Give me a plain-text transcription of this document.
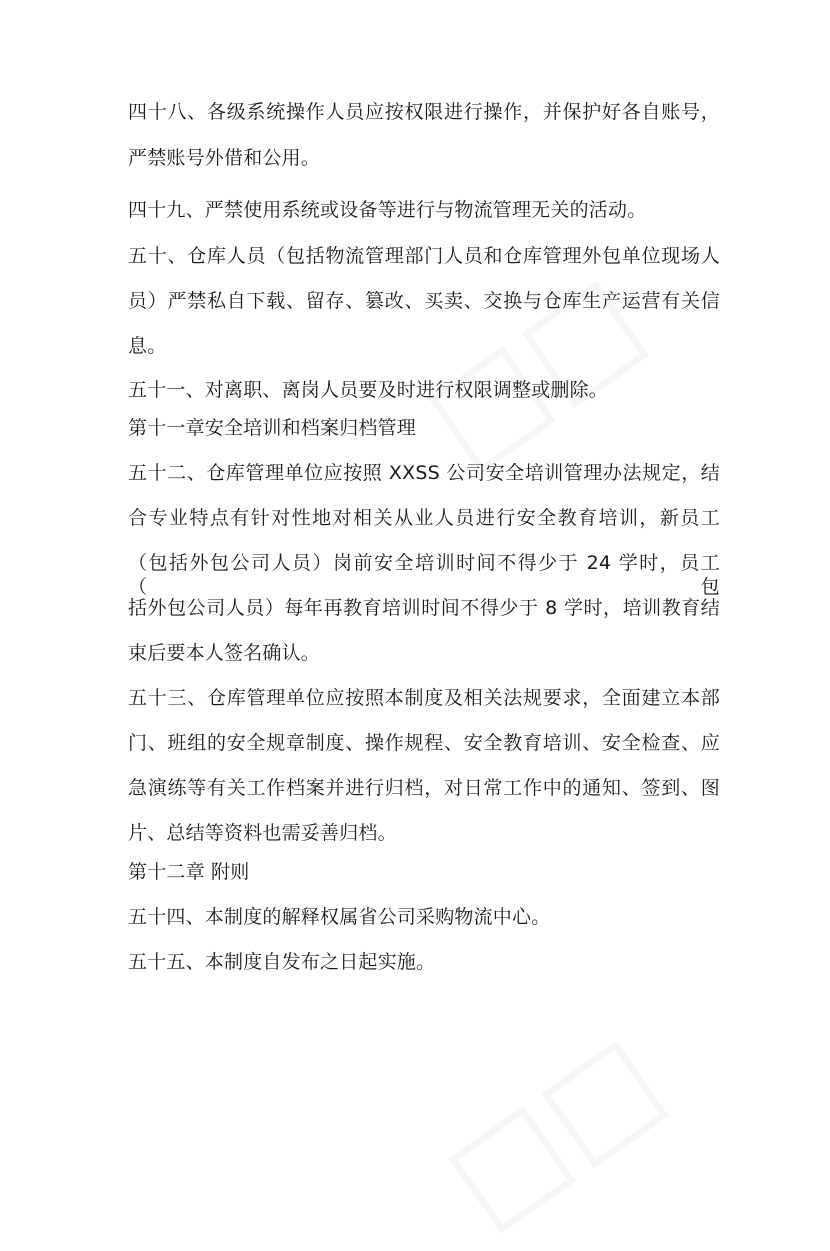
四十八、各级系统操作人员应按权限进行操作，并保护好各自账号，
严禁账号外借和公用。
四十九、严禁使用系统或设备等进行与物流管理无关的活动。
五十、仓库人员（包括物流管理部门人员和仓库管理外包单位现场人
员）严禁私自下载、留存、篡改、买卖、交换与仓库生产运营有关信
息。
五十一、对离职、离岗人员要及时进行权限调整或删除。
第十一章安全培训和档案归档管理
五十二、仓库管理单位应按照 XXSS 公司安全培训管理办法规定，结
合专业特点有针对性地对相关从业人员进行安全教育培训，新员工
（包括外包公司人员）岗前安全培训时间不得少于 24 学时，员工（包
括外包公司人员）每年再教育培训时间不得少于 8 学时，培训教育结
束后要本人签名确认。
五十三、仓库管理单位应按照本制度及相关法规要求，全面建立本部
门、班组的安全规章制度、操作规程、安全教育培训、安全检查、应
急演练等有关工作档案并进行归档，对日常工作中的通知、签到、图
片、总结等资料也需妥善归档。
第十二章 附则
五十四、本制度的解释权属省公司采购物流中心。
五十五、本制度自发布之日起实施。
